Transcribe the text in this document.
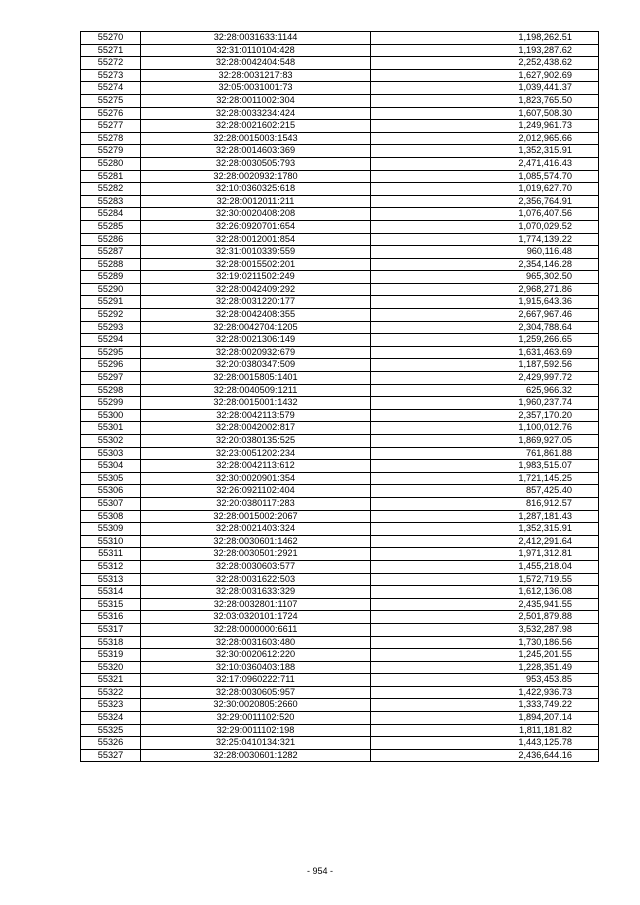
55270	32:28:0031633:1144	1,198,262.51
55271	32:31:0110104:428	1,193,287.62
55272	32:28:0042404:548	2,252,438.62
55273	32:28:0031217:83	1,627,902.69
55274	32:05:0031001:73	1,039,441.37
55275	32:28:0011002:304	1,823,765.50
55276	32:28:0033234:424	1,607,508.30
55277	32:28:0021602:215	1,249,961.73
55278	32:28:0015003:1543	2,012,965.66
55279	32:28:0014603:369	1,352,315.91
55280	32:28:0030505:793	2,471,416.43
55281	32:28:0020932:1780	1,085,574.70
55282	32:10:0360325:618	1,019,627.70
55283	32:28:0012011:211	2,356,764.91
55284	32:30:0020408:208	1,076,407.56
55285	32:26:0920701:654	1,070,029.52
55286	32:28:0012001:854	1,774,139.22
55287	32:31:0010339:559	960,116.48
55288	32:28:0015502:201	2,354,146.28
55289	32:19:0211502:249	965,302.50
55290	32:28:0042409:292	2,968,271.86
55291	32:28:0031220:177	1,915,643.36
55292	32:28:0042408:355	2,667,967.46
55293	32:28:0042704:1205	2,304,788.64
55294	32:28:0021306:149	1,259,266.65
55295	32:28:0020932:679	1,631,463.69
55296	32:20:0380347:509	1,187,592.56
55297	32:28:0015805:1401	2,429,997.72
55298	32:28:0040509:1211	625,966.32
55299	32:28:0015001:1432	1,960,237.74
55300	32:28:0042113:579	2,357,170.20
55301	32:28:0042002:817	1,100,012.76
55302	32:20:0380135:525	1,869,927.05
55303	32:23:0051202:234	761,861.88
55304	32:28:0042113:612	1,983,515.07
55305	32:30:0020901:354	1,721,145.25
55306	32:26:0921102:404	857,425.40
55307	32:20:0380117:283	816,912.57
55308	32:28:0015002:2067	1,287,181.43
55309	32:28:0021403:324	1,352,315.91
55310	32:28:0030601:1462	2,412,291.64
55311	32:28:0030501:2921	1,971,312.81
55312	32:28:0030603:577	1,455,218.04
55313	32:28:0031622:503	1,572,719.55
55314	32:28:0031633:329	1,612,136.08
55315	32:28:0032801:1107	2,435,941.55
55316	32:03:0320101:1724	2,501,879.88
55317	32:28:0000000:6611	3,532,287.98
55318	32:28:0031603:480	1,730,186.56
55319	32:30:0020612:220	1,245,201.55
55320	32:10:0360403:188	1,228,351.49
55321	32:17:0960222:711	953,453.85
55322	32:28:0030605:957	1,422,936.73
55323	32:30:0020805:2660	1,333,749.22
55324	32:29:0011102:520	1,894,207.14
55325	32:29:0011102:198	1,811,181.82
55326	32:25:0410134:321	1,443,125.78
55327	32:28:0030601:1282	2,436,644.16
- 954 -
